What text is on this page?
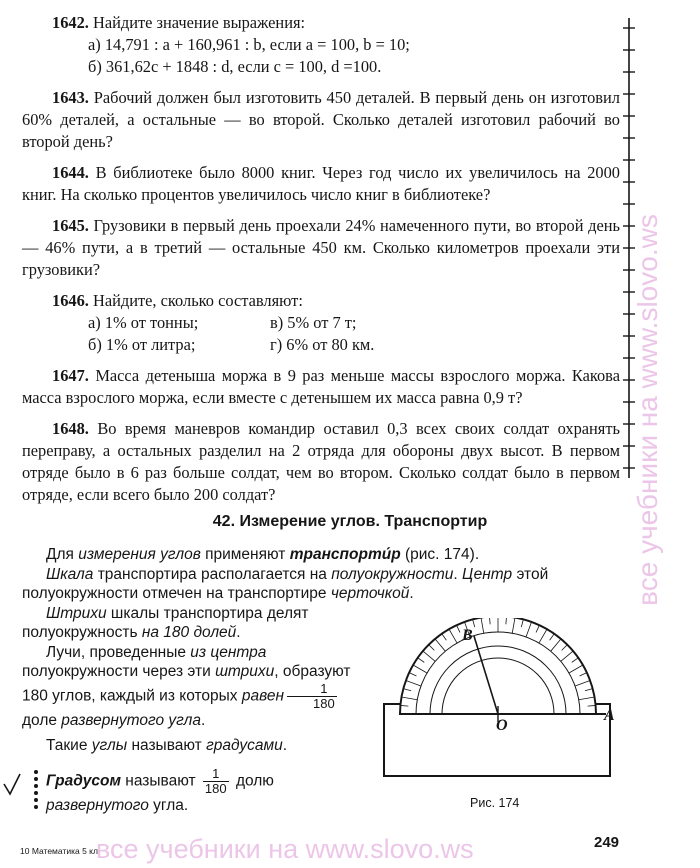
1642. Найдите значение выражения:

а) 14,791 : a + 160,961 : b, если a = 100, b = 10;
б) 361,62c + 1848 : d, если c = 100, d =100.

1643. Рабочий должен был изготовить 450 деталей. В первый день он изготовил 60% деталей, а остальные — во второй. Сколько деталей изготовил рабочий во второй день?

1644. В библиотеке было 8000 книг. Через год число их увеличилось на 2000 книг. На сколько процентов увеличилось число книг в библиотеке?

1645. Грузовики в первый день проехали 24% намеченного пути, во второй день — 46% пути, а в третий — остальные 450 км. Сколько километров проехали эти грузовики?

1646. Найдите, сколько составляют:

а) 1% от тонны;	в) 5% от 7 т;
б) 1% от литра;	г) 6% от 80 км.

1647. Масса детеныша моржа в 9 раз меньше массы взрослого моржа. Какова масса взрослого моржа, если вместе с детенышем их масса равна 0,9 т?

1648. Во время маневров командир оставил 0,3 всех своих солдат охранять переправу, а остальных разделил на 2 отряда для обороны двух высот. В первом отряде было в 6 раз больше солдат, чем во втором. Сколько солдат было в первом отряде, если всего было 200 солдат?

42. Измерение углов. Транспортир

Для измерения углов применяют транспорти́р (рис. 174).

Шкала транспортира располагается на полуокружности. Центр этой полуокружности отмечен на транспортире черточкой.

Штрихи шкалы транспортира делят полуокружность на 180 долей.

Лучи, проведенные из центра полуокружности через эти штрихи, образуют 180 углов, каждый из которых равен $\frac{1}{180}$

доле развернутого угла.

Такие углы называют градусами.

Градусом называют $\frac{1}{180}$ долю развернутого угла.
B
O
A
Рис. 174
10 Математика 5 кл.
все учебники на www.slovo.ws	249
все учебники на www.slovo.ws
